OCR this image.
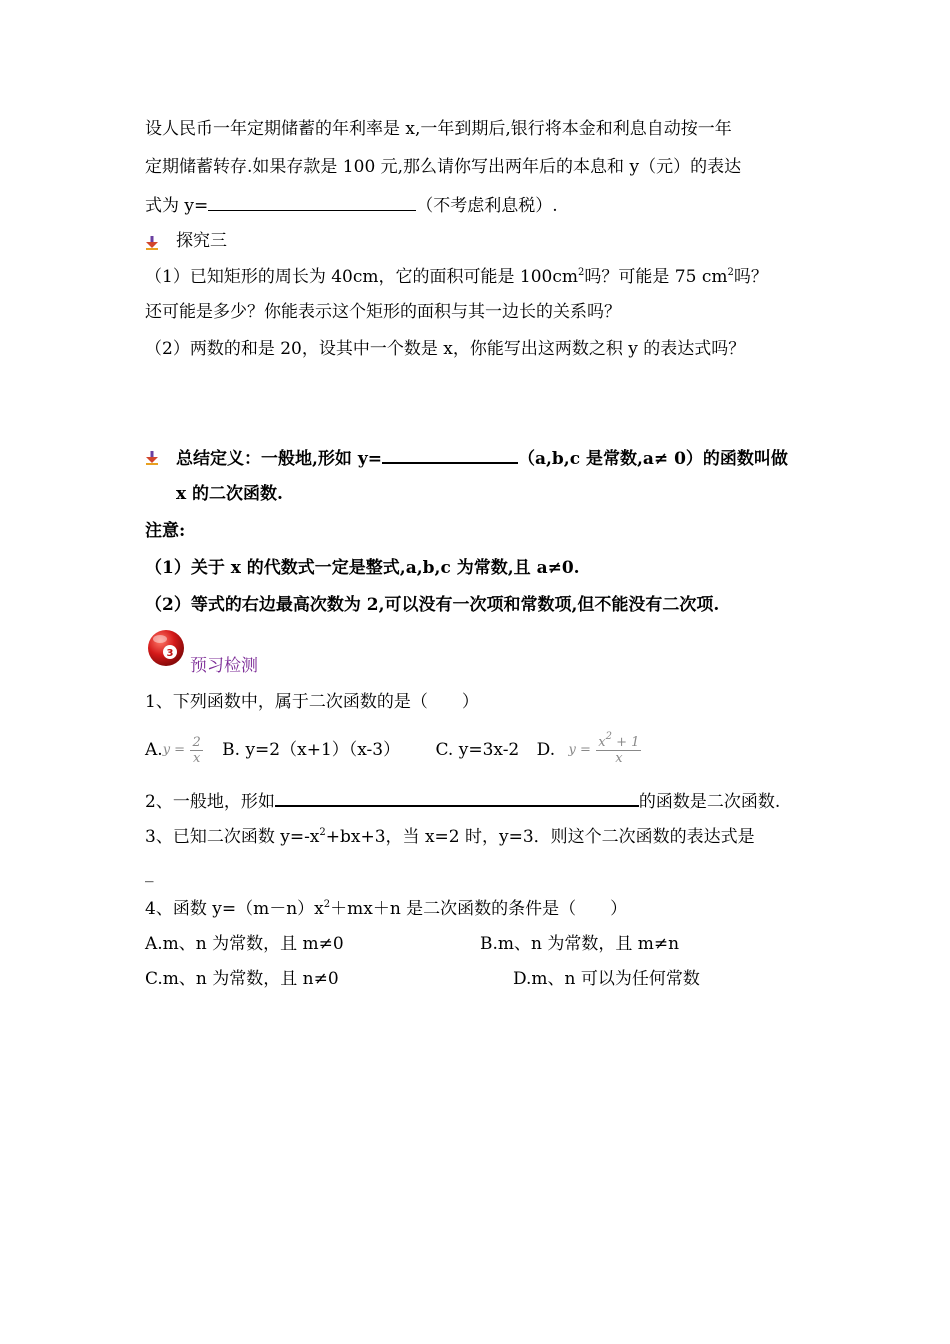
设人民币一年定期储蓄的年利率是 x,一年到期后,银行将本金和利息自动按一年
定期储蓄转存.如果存款是 100 元,那么请你写出两年后的本息和 y（元）的表达
式为 y=	（不考虑利息税）.
探究三
（1）已知矩形的周长为 40cm，它的面积可能是 $100cm^2$吗？可能是 75 $cm^2$吗？
还可能是多少？你能表示这个矩形的面积与其一边长的关系吗？
（2）两数的和是 20，设其中一个数是 x，你能写出这两数之积 y 的表达式吗？
总结定义：一般地,形如 y=	（a,b,c 是常数,a≠ 0）的函数叫做
x 的二次函数.
注意:
（1）关于 x 的代数式一定是整式,a,b,c 为常数,且 a≠0.
（2）等式的右边最高次数为 2,可以没有一次项和常数项,但不能没有二次项.
3
预习检测
1、下列函数中，属于二次函数的是（　　）
$A.y = \frac{2}{x} B$. y=2（x+1）（x-3） C. y=3x-2 D. $y = \frac{x^2 + 1}{x}$
2、一般地，形如	的函数是二次函数.
3、已知二次函数 $y=-x^2+bx+3$，当 x=2 时，y=3．则这个二次函数的表达式是
_
4、函数 $y=(m-n)x^2+mx+n$ 是二次函数的条件是（　　）
A.m、n 为常数，且 m≠0	B.m、n 为常数，且 m≠n
C.m、n 为常数，且 n≠0	D.m、n 可以为任何常数
